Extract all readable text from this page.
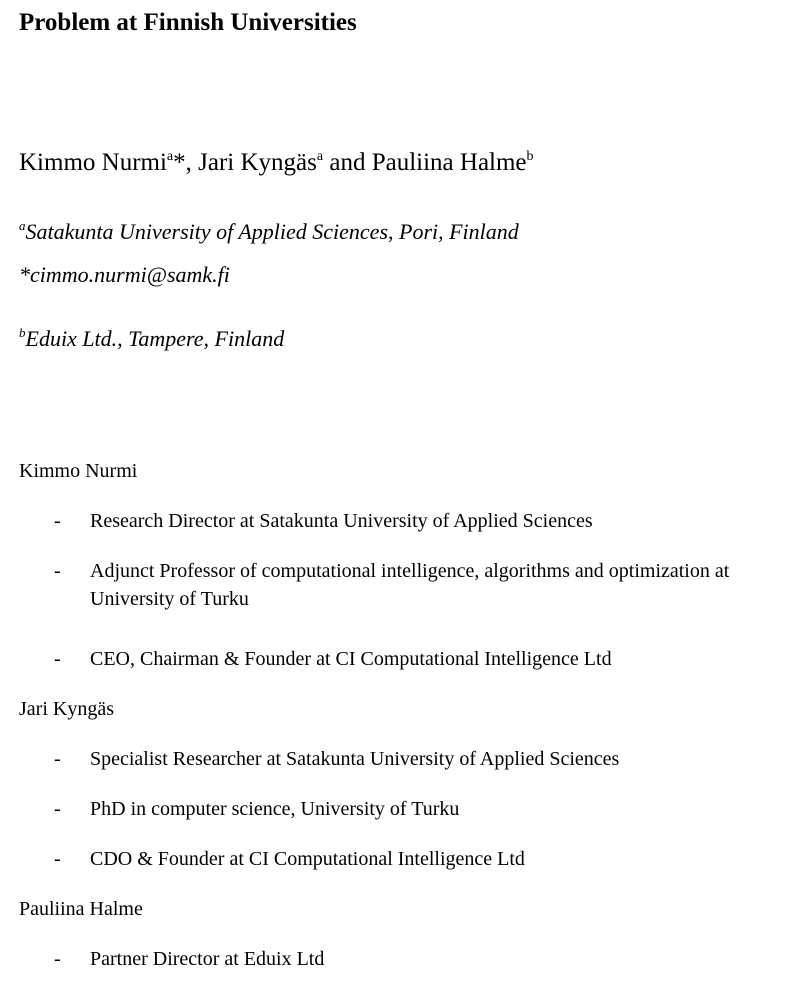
Problem at Finnish Universities
Kimmo Nurmi$^a$*, Jari Kyngäs$^a$ and Pauliina Halme$^b$
$^a$Satakunta University of Applied Sciences, Pori, Finland
*cimmo.nurmi@samk.fi
$^b$Eduix Ltd., Tampere, Finland
Kimmo Nurmi
- Research Director at Satakunta University of Applied Sciences
- Adjunct Professor of computational intelligence, algorithms and optimization at University of Turku
- CEO, Chairman & Founder at CI Computational Intelligence Ltd
Jari Kyngäs
- Specialist Researcher at Satakunta University of Applied Sciences
- PhD in computer science, University of Turku
- CDO & Founder at CI Computational Intelligence Ltd
Pauliina Halme
- Partner Director at Eduix Ltd
